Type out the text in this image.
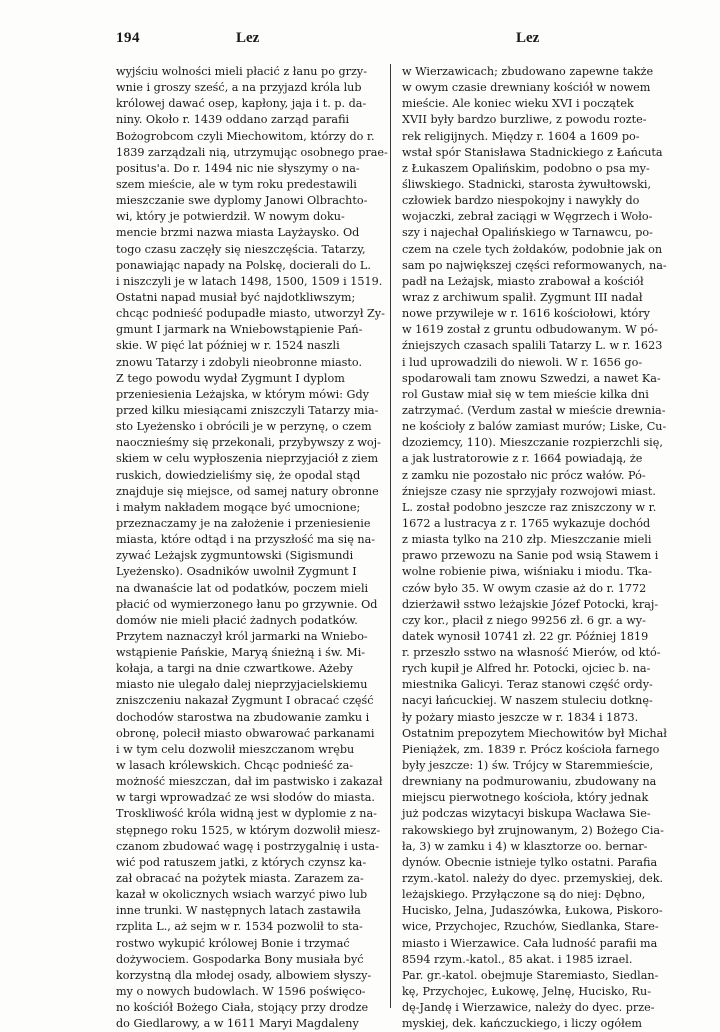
194	Lez	Lez
wyjściu wolności mieli płacić z łanu po grzy-
wnie i groszy sześć, a na przyjazd króla lub
królowej dawać osep, kapłony, jaja i t. p. da-
niny. Około r. 1439 oddano zarząd parafii
Bożogrobcom czyli Miechowitom, którzy do r.
1839 zarządzali nią, utrzymując osobnego prae-
positus'a. Do r. 1494 nic nie słyszymy o na-
szem mieście, ale w tym roku predestawili
mieszczanie swe dyplomy Janowi Olbrachto-
wi, który je potwierdził. W nowym doku-
mencie brzmi nazwa miasta Layżaysko. Od
togo czasu zaczęły się nieszczęścia. Tatarzy,
ponawiając napady na Polskę, docierali do L.
i niszczyli je w latach 1498, 1500, 1509 i 1519.
Ostatni napad musiał być najdotkliwszym;
chcąc podnieść podupadłe miasto, utworzył Zy-
gmunt I jarmark na Wniebowstąpienie Pań-
skie. W pięć lat później w r. 1524 naszli
znowu Tatarzy i zdobyli nieobronne miasto.
Z tego powodu wydał Zygmunt I dyplom
przeniesienia Leżajska, w którym mówi: Gdy
przed kilku miesiącami zniszczyli Tatarzy mia-
sto Lyeżensko i obrócili je w perzynę, o czem
naocznieśmy się przekonali, przybywszy z woj-
skiem w celu wypłoszenia nieprzyjaciół z ziem
ruskich, dowiedzieliśmy się, że opodal stąd
znajduje się miejsce, od samej natury obronne
i małym nakładem mogące być umocnione;
przeznaczamy je na założenie i przeniesienie
miasta, które odtąd i na przyszłość ma się na-
zywać Leżajsk zygmuntowski (Sigismundi
Lyeżensko). Osadników uwolnił Zygmunt I
na dwanaście lat od podatków, poczem mieli
płacić od wymierzonego łanu po grzywnie. Od
domów nie mieli płacić żadnych podatków.
Przytem naznaczył król jarmarki na Wniebo-
wstąpienie Pańskie, Maryą śnieżną i św. Mi-
kołaja, a targi na dnie czwartkowe. Ażeby
miasto nie ulegało dalej nieprzyjacielskiemu
zniszczeniu nakazał Zygmunt I obracać część
dochodów starostwa na zbudowanie zamku i
obronę, polecił miasto obwarować parkanami
i w tym celu dozwolił mieszczanom wrębu
w lasach królewskich. Chcąc podnieść za-
możność mieszczan, dał im pastwisko i zakazał
w targi wprowadzać ze wsi słodów do miasta.
Troskliwość króla widną jest w dyplomie z na-
stępnego roku 1525, w którym dozwolił miesz-
czanom zbudować wagę i postrzygalnię i usta-
wić pod ratuszem jatki, z których czynsz ka-
zał obracać na pożytek miasta. Zarazem za-
kazał w okolicznych wsiach warzyć piwo lub
inne trunki. W następnych latach zastawiła
rzplita L., aż sejm w r. 1534 pozwolił to sta-
rostwo wykupić królowej Bonie i trzymać
dożywociem. Gospodarka Bony musiała być
korzystną dla młodej osady, albowiem słyszy-
my o nowych budowlach. W 1596 poświęco-
no kościół Bożego Ciała, stojący przy drodze
do Giedlarowy, a w 1611 Maryi Magdaleny
w Wierzawicach; zbudowano zapewne także
w owym czasie drewniany kościół w nowem
mieście. Ale koniec wieku XVI i początek
XVII były bardzo burzliwe, z powodu rozte-
rek religijnych. Między r. 1604 a 1609 po-
wstał spór Stanisława Stadnickiego z Łańcuta
z Łukaszem Opalińskim, podobno o psa my-
śliwskiego. Stadnicki, starosta żywułtowski,
człowiek bardzo niespokojny i nawykły do
wojaczki, zebrał zaciągi w Węgrzech i Woło-
szy i najechał Opalińskiego w Tarnawcu, po-
czem na czele tych żołdaków, podobnie jak on
sam po największej części reformowanych, na-
padł na Leżajsk, miasto zrabował a kościół
wraz z archiwum spalił. Zygmunt III nadał
nowe przywileje w r. 1616 kościołowi, który
w 1619 został z gruntu odbudowanym. W pó-
źniejszych czasach spalili Tatarzy L. w r. 1623
i lud uprowadzili do niewoli. W r. 1656 go-
spodarowali tam znowu Szwedzi, a nawet Ka-
rol Gustaw miał się w tem mieście kilka dni
zatrzymać. (Verdum zastał w mieście drewnia-
ne kościoły z balów zamiast murów; Liske, Cu-
dzoziemcy, 110). Mieszczanie rozpierzchli się,
a jak lustratorowie z r. 1664 powiadają, że
z zamku nie pozostało nic prócz wałów. Pó-
źniejsze czasy nie sprzyjały rozwojowi miast.
L. został podobno jeszcze raz zniszczony w r.
1672 a lustracya z r. 1765 wykazuje dochód
z miasta tylko na 210 złp. Mieszczanie mieli
prawo przewozu na Sanie pod wsią Stawem i
wolne robienie piwa, wiśniaku i miodu. Tka-
czów było 35. W owym czasie aż do r. 1772
dzierżawił sstwo leżajskie Józef Potocki, kraj-
czy kor., płacił z niego 99256 zł. 6 gr. a wy-
datek wynosił 10741 zł. 22 gr. Później 1819
r. przeszło sstwo na własność Mierów, od któ-
rych kupił je Alfred hr. Potocki, ojciec b. na-
miestnika Galicyi. Teraz stanowi część ordy-
nacyi łańcuckiej. W naszem stuleciu dotknę-
ły pożary miasto jeszcze w r. 1834 i 1873.
Ostatnim prepozytem Miechowitów był Michał
Pieniążek, zm. 1839 r. Prócz kościoła farnego
były jeszcze: 1) św. Trójcy w Staremmieście,
drewniany na podmurowaniu, zbudowany na
miejscu pierwotnego kościoła, który jednak
już podczas wizytacyi biskupa Wacława Sie-
rakowskiego był zrujnowanym, 2) Bożego Cia-
ła, 3) w zamku i 4) w klasztorze oo. bernar-
dynów. Obecnie istnieje tylko ostatni. Parafia
rzym.-katol. należy do dyec. przemyskiej, dek.
leżajskiego. Przyłączone są do niej: Dębno,
Hucisko, Jelna, Judaszówka, Łukowa, Piskoro-
wice, Przychojec, Rzuchów, Siedlanka, Stare-
miasto i Wierzawice. Cała ludność parafii ma
8594 rzym.-katol., 85 akat. i 1985 izrael.
Par. gr.-katol. obejmuje Staremiasto, Siedlan-
kę, Przychojec, Łukowę, Jelnę, Hucisko, Ru-
dę-Jandę i Wierzawice, należy do dyec. prze-
myskiej, dek. kańczuckiego, i liczy ogółem
